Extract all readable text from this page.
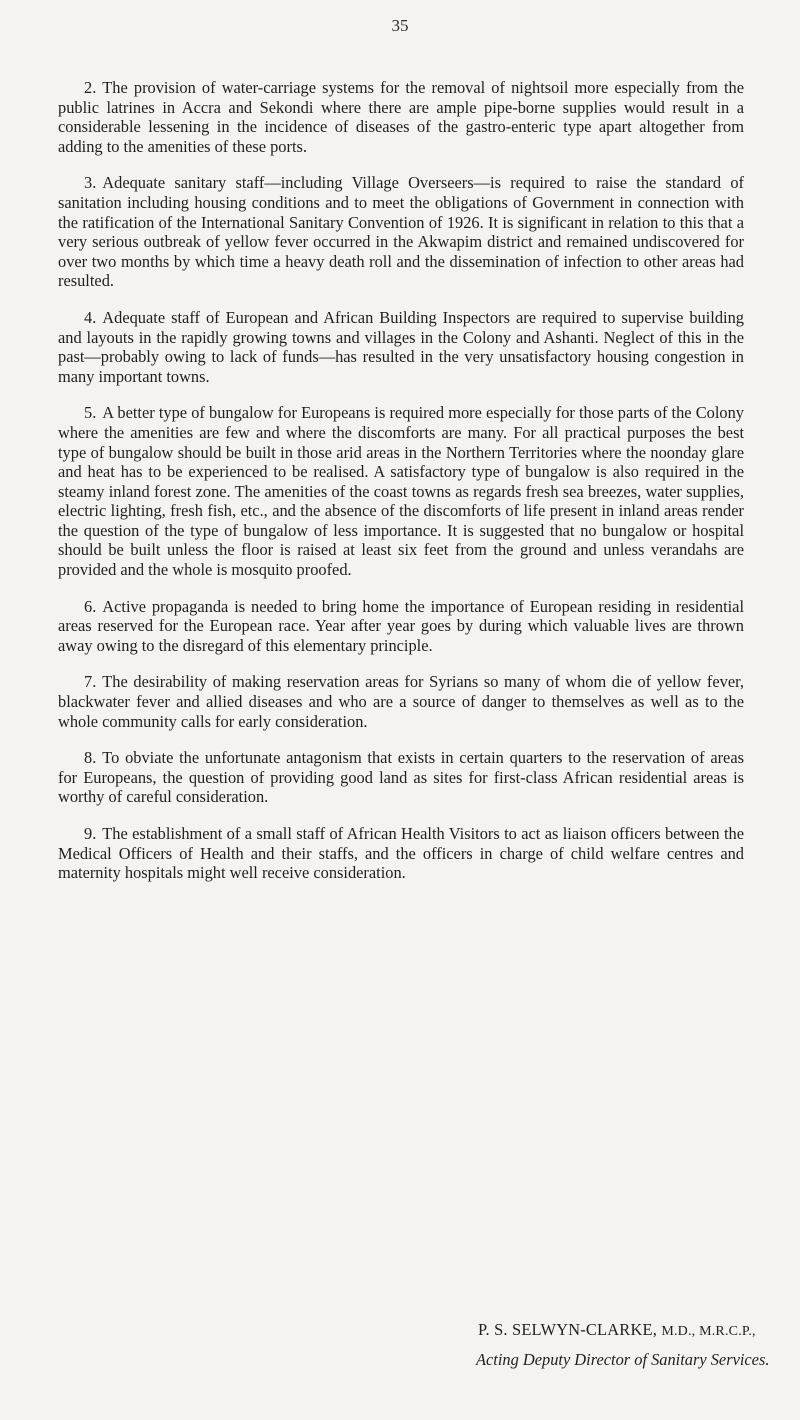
35

2. The provision of water-carriage systems for the removal of nightsoil more especially from the public latrines in Accra and Sekondi where there are ample pipe-borne supplies would result in a considerable lessening in the incidence of diseases of the gastro-enteric type apart altogether from adding to the amenities of these ports.

3. Adequate sanitary staff—including Village Overseers—is required to raise the standard of sanitation including housing conditions and to meet the obligations of Government in connection with the ratification of the International Sanitary Convention of 1926. It is significant in relation to this that a very serious outbreak of yellow fever occurred in the Akwapim district and remained undiscovered for over two months by which time a heavy death roll and the dissemination of infection to other areas had resulted.

4. Adequate staff of European and African Building Inspectors are required to supervise building and layouts in the rapidly growing towns and villages in the Colony and Ashanti. Neglect of this in the past—probably owing to lack of funds—has resulted in the very unsatisfactory housing congestion in many important towns.

5. A better type of bungalow for Europeans is required more especially for those parts of the Colony where the amenities are few and where the discomforts are many. For all practical purposes the best type of bungalow should be built in those arid areas in the Northern Territories where the noonday glare and heat has to be experienced to be realised. A satisfactory type of bungalow is also required in the steamy inland forest zone. The amenities of the coast towns as regards fresh sea breezes, water supplies, electric lighting, fresh fish, etc., and the absence of the discomforts of life present in inland areas render the question of the type of bungalow of less importance. It is suggested that no bungalow or hospital should be built unless the floor is raised at least six feet from the ground and unless verandahs are provided and the whole is mosquito proofed.

6. Active propaganda is needed to bring home the importance of European residing in residential areas reserved for the European race. Year after year goes by during which valuable lives are thrown away owing to the disregard of this elementary principle.

7. The desirability of making reservation areas for Syrians so many of whom die of yellow fever, blackwater fever and allied diseases and who are a source of danger to themselves as well as to the whole community calls for early consideration.

8. To obviate the unfortunate antagonism that exists in certain quarters to the reservation of areas for Europeans, the question of providing good land as sites for first-class African residential areas is worthy of careful consideration.

9. The establishment of a small staff of African Health Visitors to act as liaison officers between the Medical Officers of Health and their staffs, and the officers in charge of child welfare centres and maternity hospitals might well receive consideration.

P. S. SELWYN-CLARKE, M.D., M.R.C.P.,
Acting Deputy Director of Sanitary Services.
